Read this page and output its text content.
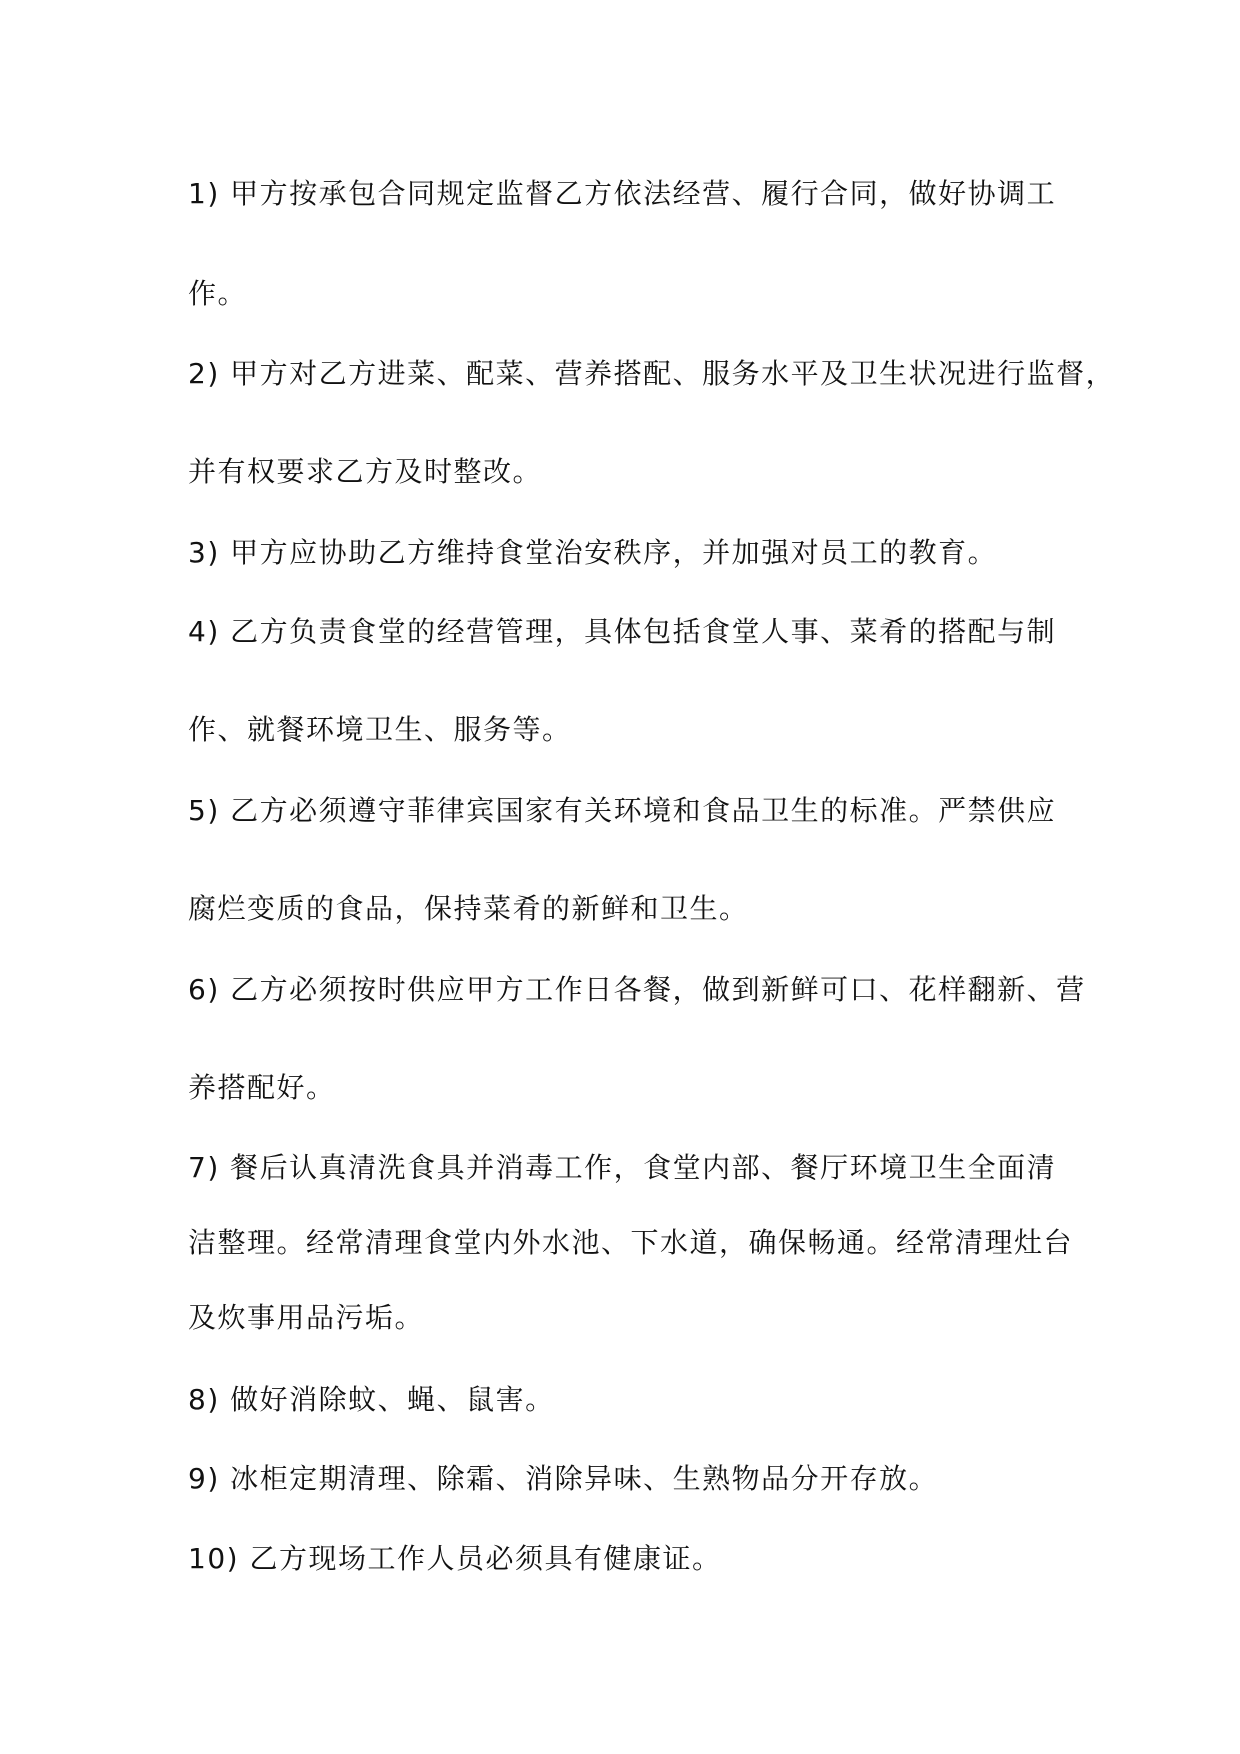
1) 甲方按承包合同规定监督乙方依法经营、履行合同，做好协调工
作。
2) 甲方对乙方进菜、配菜、营养搭配、服务水平及卫生状况进行监督，
并有权要求乙方及时整改。
3) 甲方应协助乙方维持食堂治安秩序，并加强对员工的教育。
4) 乙方负责食堂的经营管理，具体包括食堂人事、菜肴的搭配与制
作、就餐环境卫生、服务等。
5) 乙方必须遵守菲律宾国家有关环境和食品卫生的标准。严禁供应
腐烂变质的食品，保持菜肴的新鲜和卫生。
6) 乙方必须按时供应甲方工作日各餐，做到新鲜可口、花样翻新、营
养搭配好。
7) 餐后认真清洗食具并消毒工作，食堂内部、餐厅环境卫生全面清
洁整理。经常清理食堂内外水池、下水道，确保畅通。经常清理灶台
及炊事用品污垢。
8) 做好消除蚊、蝇、鼠害。
9) 冰柜定期清理、除霜、消除异味、生熟物品分开存放。
10) 乙方现场工作人员必须具有健康证。
